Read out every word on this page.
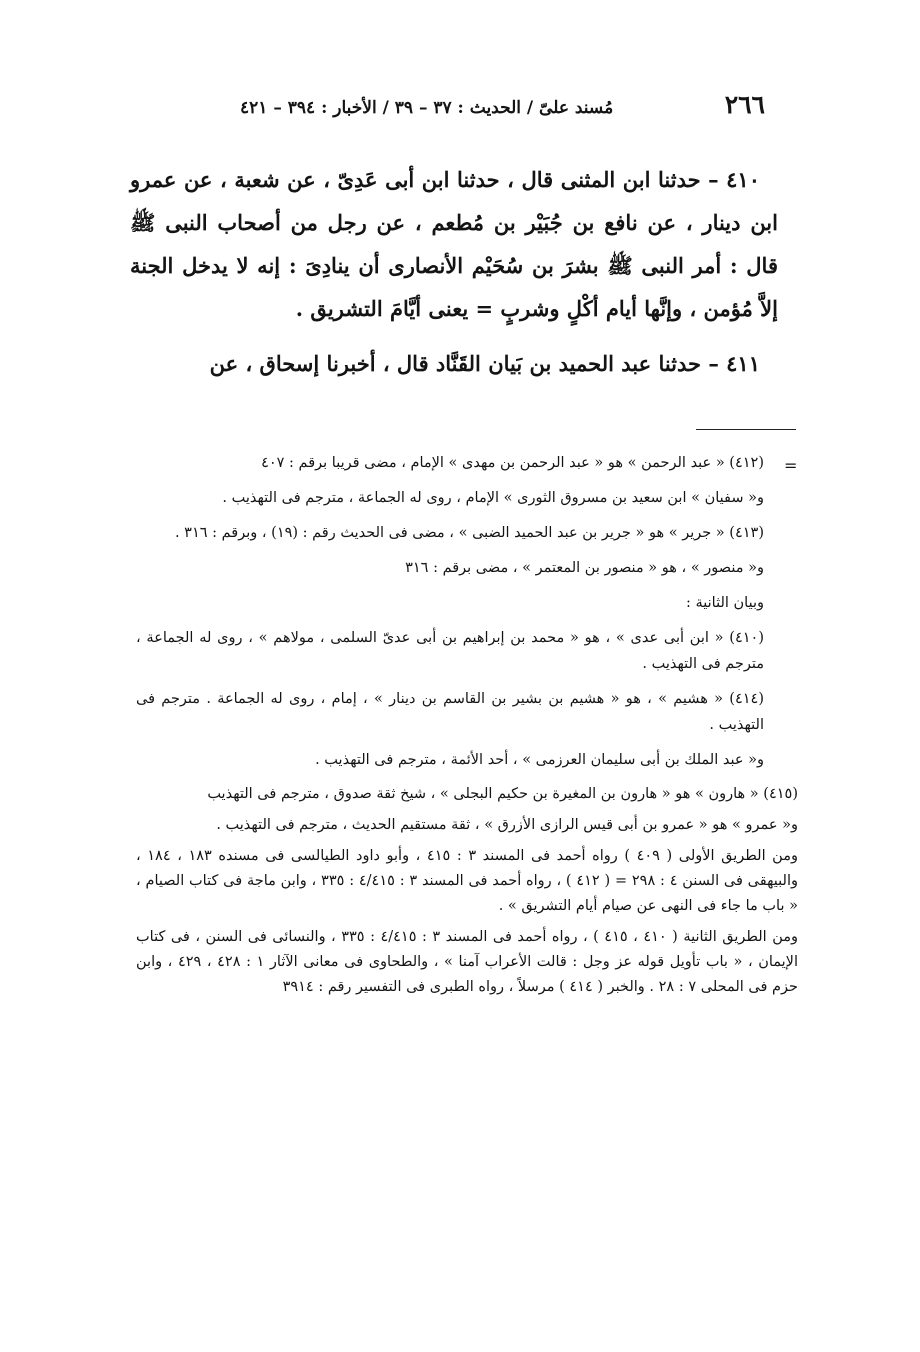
٢٦٦
مُسند علىّ / الحديث : ٣٧ – ٣٩ / الأخبار : ٣٩٤ – ٤٢١

٤١٠ – حدثنا ابن المثنى قال ، حدثنا ابن أبى عَدِىّ ، عن شعبة ، عن عمرو ابن دينار ، عن نافع بن جُبَيْر بن مُطعم ، عن رجل من أصحاب النبى ﷺ قال : أمر النبى ﷺ بشرَ بن سُحَيْم الأنصارى أن ينادِىَ : إنه لا يدخل الجنة إلاَّ مُؤمن ، وإنَّها أيام أكْلٍ وشربٍ = يعنى أيَّامَ التشريق .

٤١١ – حدثنا عبد الحميد بن بَيان القَنَّاد قال ، أخبرنا إسحاق ، عن

=

(٤١٢) « عبد الرحمن » هو « عبد الرحمن بن مهدى » الإمام ، مضى قريبا برقم : ٤٠٧

و« سفيان » ابن سعيد بن مسروق الثورى » الإمام ، روى له الجماعة ، مترجم فى التهذيب .

(٤١٣) « جرير » هو « جرير بن عبد الحميد الضبى » ، مضى فى الحديث رقم : (١٩) ، وبرقم : ٣١٦ .

و« منصور » ، هو « منصور بن المعتمر » ، مضى برقم : ٣١٦

وبيان الثانية :

(٤١٠) « ابن أبى عدى » ، هو « محمد بن إبراهيم بن أبى عدىّ السلمى ، مولاهم » ، روى له الجماعة ، مترجم فى التهذيب .

(٤١٤) « هشيم » ، هو « هشيم بن بشير بن القاسم بن دينار » ، إمام ، روى له الجماعة . مترجم فى التهذيب .

و« عبد الملك بن أبى سليمان العرزمى » ، أحد الأئمة ، مترجم فى التهذيب .

(٤١٥) « هارون » هو « هارون بن المغيرة بن حكيم البجلى » ، شيخ ثقة صدوق ، مترجم فى التهذيب

و« عمرو » هو « عمرو بن أبى قيس الرازى الأزرق » ، ثقة مستقيم الحديث ، مترجم فى التهذيب .

ومن الطريق الأولى ( ٤٠٩ ) رواه أحمد فى المسند ٣ : ٤١٥ ، وأبو داود الطيالسى فى مسنده ١٨٣ ، ١٨٤ ، والبيهقى فى السنن ٤ : ٢٩٨ = ( ٤١٢ ) ، رواه أحمد فى المسند ٣ : ٤/٤١٥ : ٣٣٥ ، وابن ماجة فى كتاب الصيام ، « باب ما جاء فى النهى عن صيام أيام التشريق » .

ومن الطريق الثانية ( ٤١٠ ، ٤١٥ ) ، رواه أحمد فى المسند ٣ : ٤/٤١٥ : ٣٣٥ ، والنسائى فى السنن ، فى كتاب الإيمان ، « باب تأويل قوله عز وجل : قالت الأعراب آمنا » ، والطحاوى فى معانى الآثار ١ : ٤٢٨ ، ٤٢٩ ، وابن حزم فى المحلى ٧ : ٢٨ . والخبر ( ٤١٤ ) مرسلاً ، رواه الطبرى فى التفسير رقم : ٣٩١٤
